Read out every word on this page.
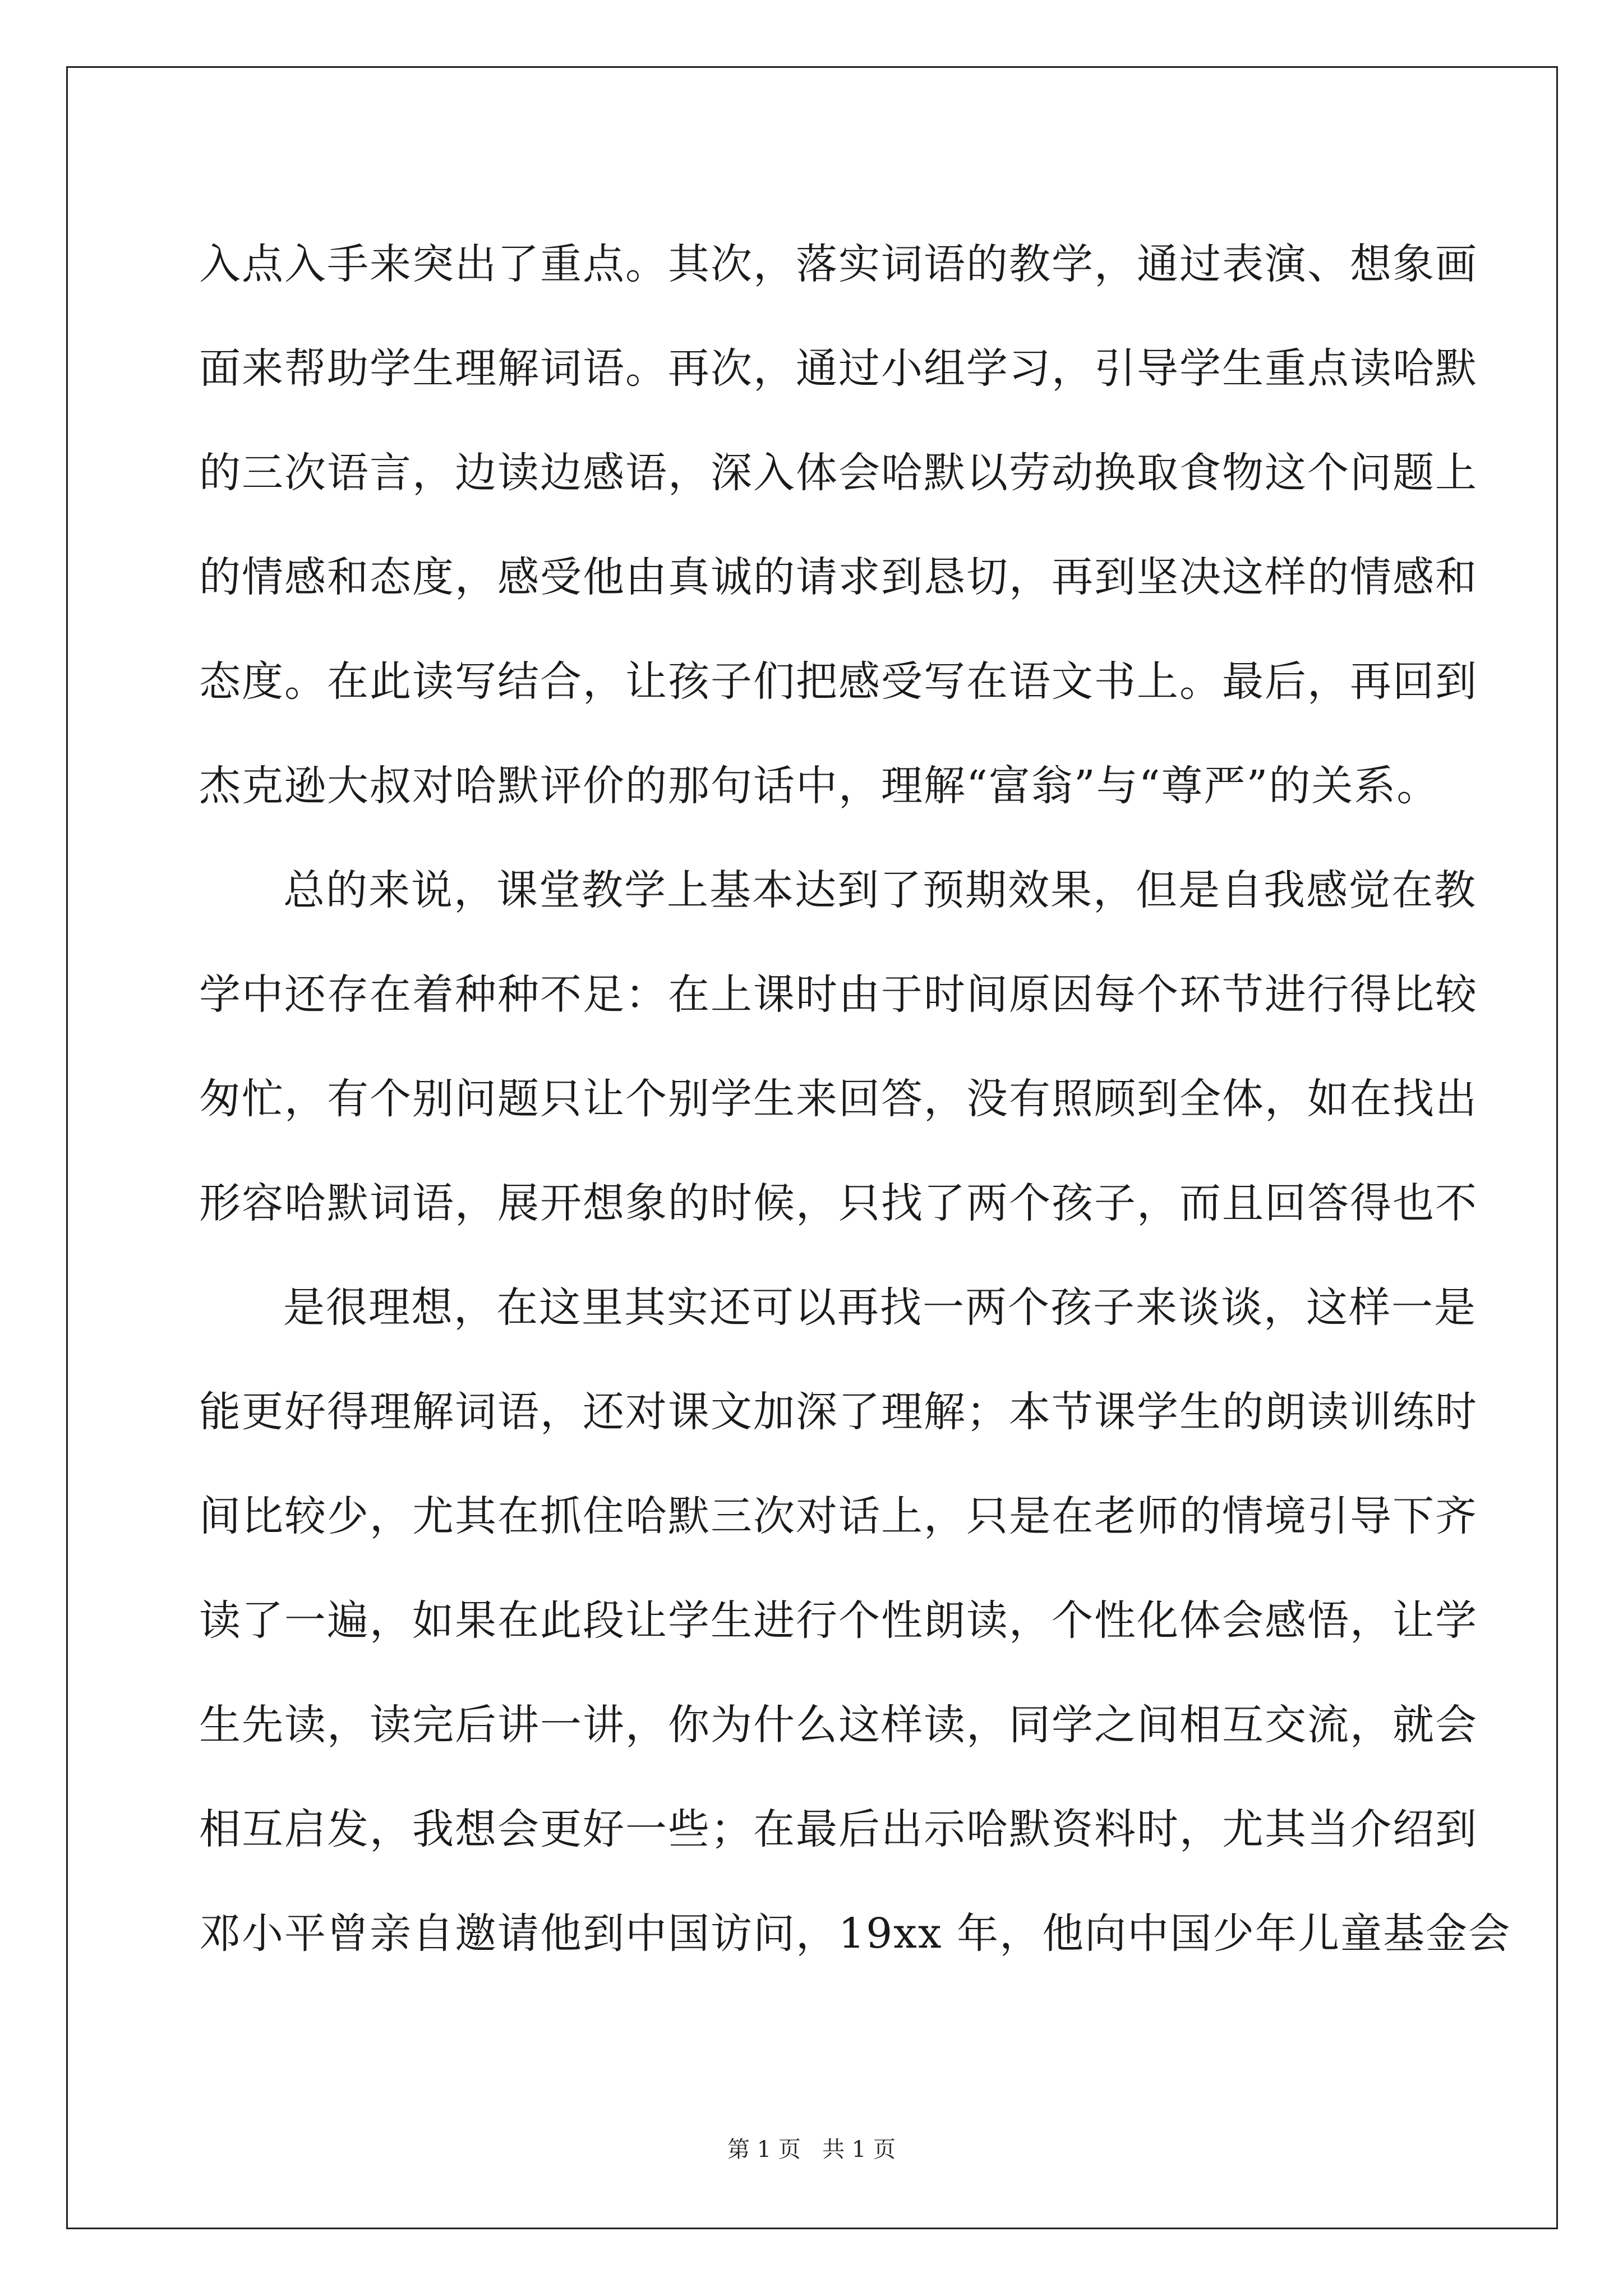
入点入手来突出了重点。其次，落实词语的教学，通过表演、想象画
面来帮助学生理解词语。再次，通过小组学习，引导学生重点读哈默
的三次语言，边读边感语，深入体会哈默以劳动换取食物这个问题上
的情感和态度，感受他由真诚的请求到恳切，再到坚决这样的情感和
态度。在此读写结合，让孩子们把感受写在语文书上。最后，再回到
杰克逊大叔对哈默评价的那句话中，理解“富翁”与“尊严”的关系。
总的来说，课堂教学上基本达到了预期效果，但是自我感觉在教
学中还存在着种种不足：在上课时由于时间原因每个环节进行得比较
匆忙，有个别问题只让个别学生来回答，没有照顾到全体，如在找出
形容哈默词语，展开想象的时候，只找了两个孩子，而且回答得也不
是很理想，在这里其实还可以再找一两个孩子来谈谈，这样一是
能更好得理解词语，还对课文加深了理解；本节课学生的朗读训练时
间比较少，尤其在抓住哈默三次对话上，只是在老师的情境引导下齐
读了一遍，如果在此段让学生进行个性朗读，个性化体会感悟，让学
生先读，读完后讲一讲，你为什么这样读，同学之间相互交流，就会
相互启发，我想会更好一些；在最后出示哈默资料时，尤其当介绍到
邓小平曾亲自邀请他到中国访问，19xx 年，他向中国少年儿童基金会
第 1 页   共 1 页
